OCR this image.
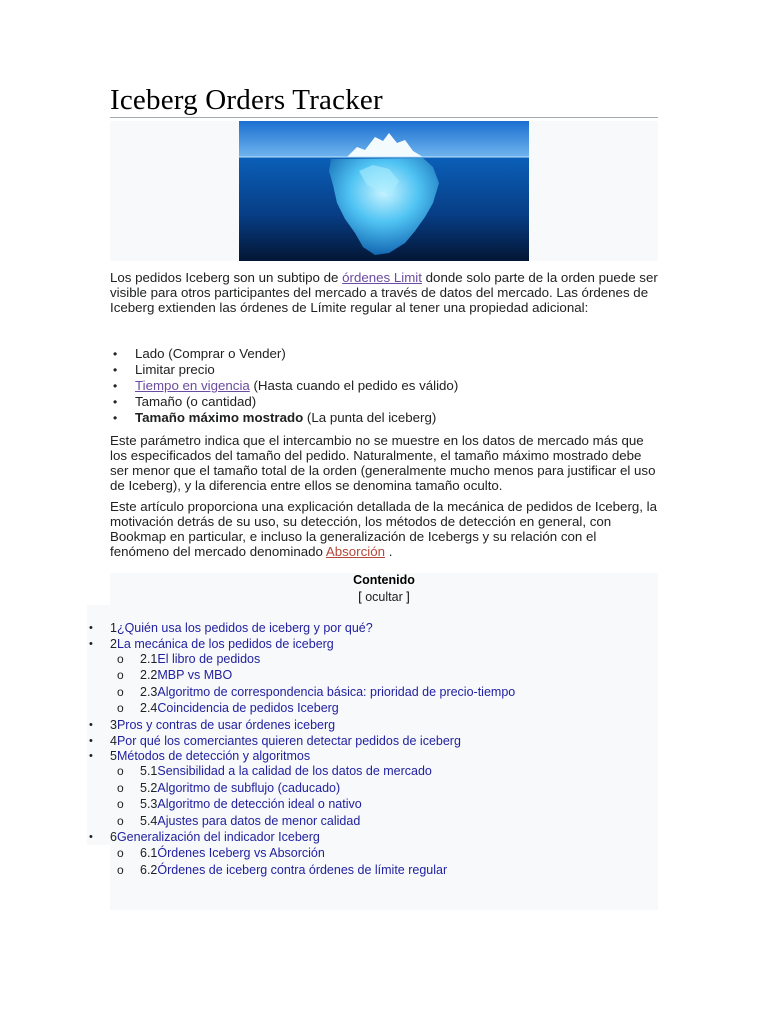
Iceberg Orders Tracker

Los pedidos Iceberg son un subtipo de órdenes Limit donde solo parte de la orden puede ser visible para otros participantes del mercado a través de datos del mercado. Las órdenes de Iceberg extienden las órdenes de Límite regular al tener una propiedad adicional:

• Lado (Comprar o Vender)
• Limitar precio
• Tiempo en vigencia (Hasta cuando el pedido es válido)
• Tamaño (o cantidad)
• Tamaño máximo mostrado (La punta del iceberg)

Este parámetro indica que el intercambio no se muestre en los datos de mercado más que los especificados del tamaño del pedido. Naturalmente, el tamaño máximo mostrado debe ser menor que el tamaño total de la orden (generalmente mucho menos para justificar el uso de Iceberg), y la diferencia entre ellos se denomina tamaño oculto.

Este artículo proporciona una explicación detallada de la mecánica de pedidos de Iceberg, la motivación detrás de su uso, su detección, los métodos de detección en general, con Bookmap en particular, e incluso la generalización de Icebergs y su relación con el fenómeno del mercado denominado Absorción .

Contenido
[ ocultar ]
1¿Quién usa los pedidos de iceberg y por qué?
•
2La mecánica de los pedidos de iceberg
•
2.1El libro de pedidos
o
2.2MBP vs MBO
o
2.3Algoritmo de correspondencia básica: prioridad de precio-tiempo
o
2.4Coincidencia de pedidos Iceberg
o
3Pros y contras de usar órdenes iceberg
•
4Por qué los comerciantes quieren detectar pedidos de iceberg
•
5Métodos de detección y algoritmos
•
5.1Sensibilidad a la calidad de los datos de mercado
o
5.2Algoritmo de subflujo (caducado)
o
5.3Algoritmo de detección ideal o nativo
o
5.4Ajustes para datos de menor calidad
o
6Generalización del indicador Iceberg
•
6.1Órdenes Iceberg vs Absorción
o
6.2Órdenes de iceberg contra órdenes de límite regular
o
